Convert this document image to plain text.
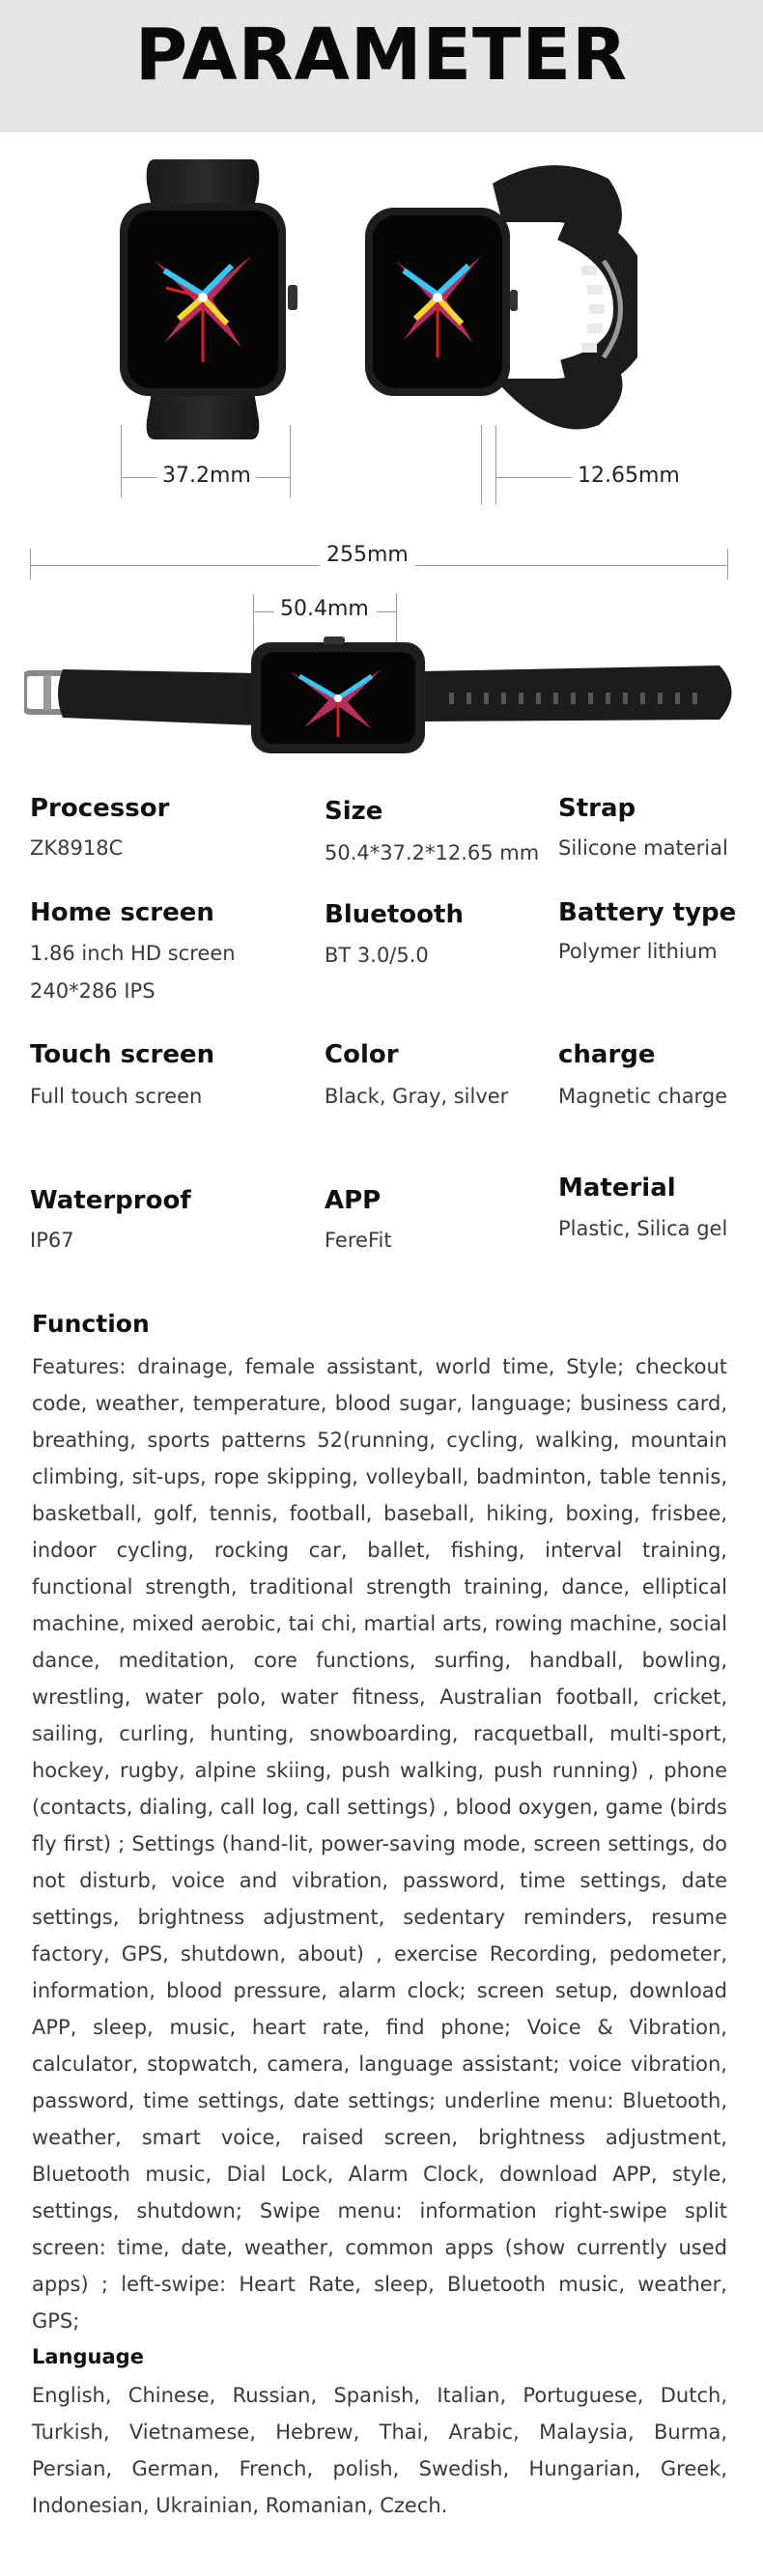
PARAMETER
37.2mm	12.65mm
255mm
50.4mm
Processor
ZK8918C
Size
50.4*37.2*12.65 mm
Strap
Silicone material
Home screen
1.86 inch HD screen
240*286 IPS
Bluetooth
BT 3.0/5.0
Battery type
Polymer lithium
Touch screen
Full touch screen
Color
Black, Gray, silver
charge
Magnetic charge
Waterproof
IP67
APP
FereFit
Material
Plastic, Silica gel
Function
Features: drainage, female assistant, world time, Style; checkout code, weather, temperature, blood sugar, language; business card, breathing, sports patterns 52(running, cycling, walking, mountain climbing, sit-ups, rope skipping, volleyball, badminton, table tennis, basketball, golf, tennis, football, baseball, hiking, boxing, frisbee, indoor cycling, rocking car, ballet, fishing, interval training, functional strength, traditional strength training, dance, elliptical machine, mixed aerobic, tai chi, martial arts, rowing machine, social dance, meditation, core functions, surfing, handball, bowling, wrestling, water polo, water fitness, Australian football, cricket, sailing, curling, hunting, snowboarding, racquetball, multi-sport, hockey, rugby, alpine skiing, push walking, push running) , phone (contacts, dialing, call log, call settings) , blood oxygen, game (birds fly first) ; Settings (hand-lit, power-saving mode, screen settings, do not disturb, voice and vibration, password, time settings, date settings, brightness adjustment, sedentary reminders, resume factory, GPS, shutdown, about) , exercise Recording, pedometer, information, blood pressure, alarm clock; screen setup, download APP, sleep, music, heart rate, find phone; Voice & Vibration, calculator, stopwatch, camera, language assistant; voice vibration, password, time settings, date settings; underline menu: Bluetooth, weather, smart voice, raised screen, brightness adjustment, Bluetooth music, Dial Lock, Alarm Clock, download APP, style, settings, shutdown; Swipe menu: information right-swipe split screen: time, date, weather, common apps (show currently used apps) ; left-swipe: Heart Rate, sleep, Bluetooth music, weather, GPS;
Language
English, Chinese, Russian, Spanish, Italian, Portuguese, Dutch, Turkish, Vietnamese, Hebrew, Thai, Arabic, Malaysia, Burma, Persian, German, French, polish, Swedish, Hungarian, Greek, Indonesian, Ukrainian, Romanian, Czech.
